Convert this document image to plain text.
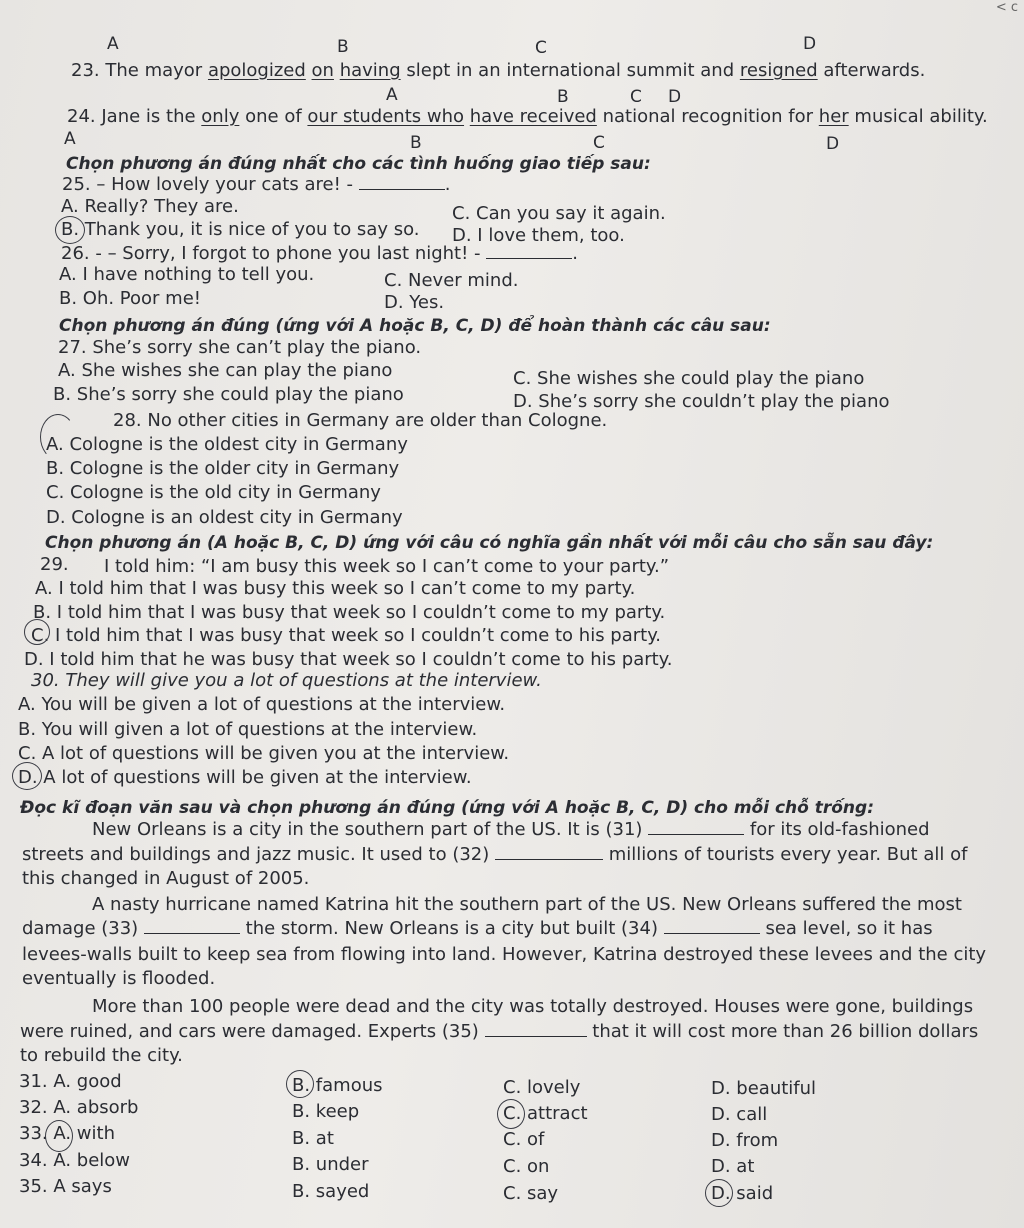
< c
A	B	C	D
23. The mayor apologized on having slept in an international summit and resigned afterwards.
A	B	C D
24. Jane is the only one of our students who have received national recognition for her musical ability.
A	B	C	D
Chọn phương án đúng nhất cho các tình huống giao tiếp sau:
25. – How lovely your cats are! -	.
A. Really? They are.	C. Can you say it again.
B. Thank you, it is nice of you to say so. D. I love them, too.
26. - – Sorry, I forgot to phone you last night! -	.
A. I have nothing to tell you.	C. Never mind.
B. Oh. Poor me!	D. Yes.
Chọn phương án đúng (ứng với A hoặc B, C, D) để hoàn thành các câu sau:
27. She’s sorry she can’t play the piano.
A. She wishes she can play the piano	C. She wishes she could play the piano
B. She’s sorry she could play the piano	D. She’s sorry she couldn’t play the piano
28. No other cities in Germany are older than Cologne.
A. Cologne is the oldest city in Germany
B. Cologne is the older city in Germany
C. Cologne is the old city in Germany
D. Cologne is an oldest city in Germany
Chọn phương án (A hoặc B, C, D) ứng với câu có nghĩa gần nhất với mỗi câu cho sẵn sau đây:
29. I told him: “I am busy this week so I can’t come to your party.”
A. I told him that I was busy this week so I can’t come to my party.
B. I told him that I was busy that week so I couldn’t come to my party.
C. I told him that I was busy that week so I couldn’t come to his party.
D. I told him that he was busy that week so I couldn’t come to his party.
30. They will give you a lot of questions at the interview.
A. You will be given a lot of questions at the interview.
B. You will given a lot of questions at the interview.
C. A lot of questions will be given you at the interview.
D. A lot of questions will be given at the interview.
Đọc kĩ đoạn văn sau và chọn phương án đúng (ứng với A hoặc B, C, D) cho mỗi chỗ trống:
New Orleans is a city in the southern part of the US. It is (31)	for its old-fashioned
streets and buildings and jazz music. It used to (32)	millions of tourists every year. But all of
this changed in August of 2005.
A nasty hurricane named Katrina hit the southern part of the US. New Orleans suffered the most
damage (33)	the storm. New Orleans is a city but built (34)	sea level, so it has
levees-walls built to keep sea from flowing into land. However, Katrina destroyed these levees and the city
eventually is flooded.
More than 100 people were dead and the city was totally destroyed. Houses were gone, buildings
were ruined, and cars were damaged. Experts (35)	that it will cost more than 26 billion dollars
to rebuild the city.
31. A. good	B. famous	C. lovely	D. beautiful
32. A. absorb	B. keep	C. attract	D. call
33. A. with	B. at	C. of	D. from
34. A. below	B. under	C. on	D. at
35. A says	B. sayed	C. say	D. said
